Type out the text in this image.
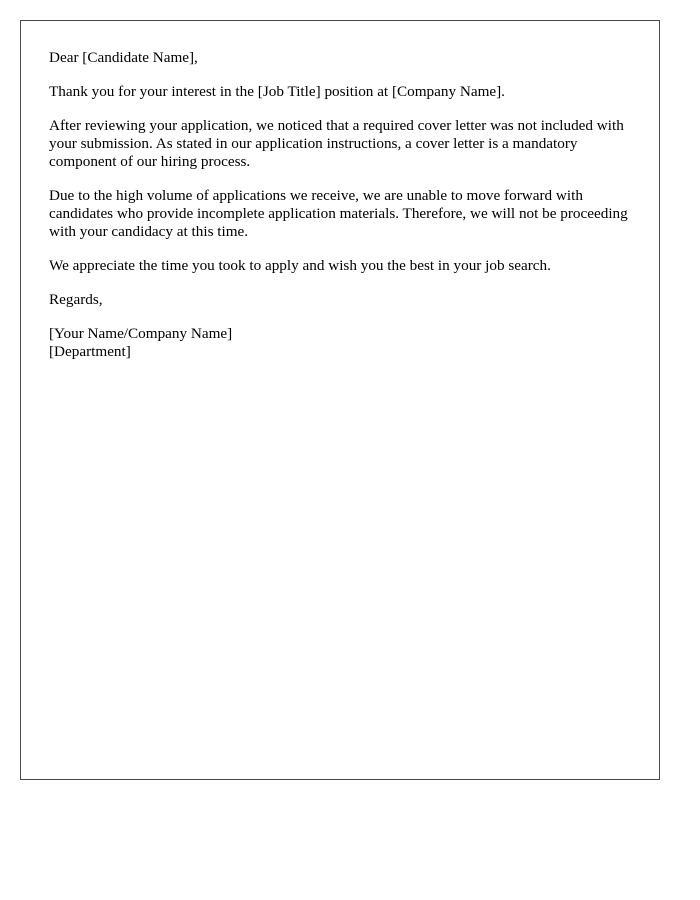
Dear [Candidate Name],

Thank you for your interest in the [Job Title] position at [Company Name].

After reviewing your application, we noticed that a required cover letter was not included with your submission. As stated in our application instructions, a cover letter is a mandatory component of our hiring process.

Due to the high volume of applications we receive, we are unable to move forward with candidates who provide incomplete application materials. Therefore, we will not be proceeding with your candidacy at this time.

We appreciate the time you took to apply and wish you the best in your job search.

Regards,

[Your Name/Company Name]
[Department]
